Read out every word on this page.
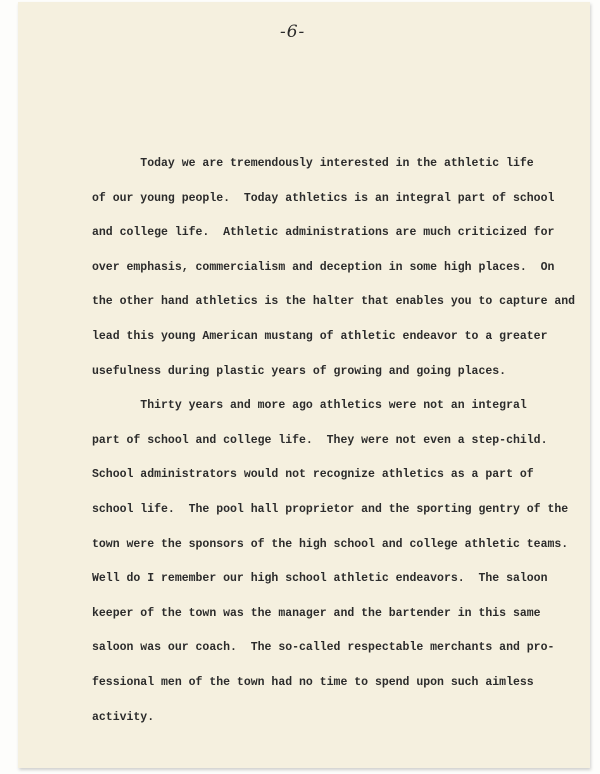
-6-
Today we are tremendously interested in the athletic life
of our young people.  Today athletics is an integral part of school
and college life.  Athletic administrations are much criticized for
over emphasis, commercialism and deception in some high places.  On
the other hand athletics is the halter that enables you to capture and
lead this young American mustang of athletic endeavor to a greater
usefulness during plastic years of growing and going places.
Thirty years and more ago athletics were not an integral
part of school and college life.  They were not even a step-child.
School administrators would not recognize athletics as a part of
school life.  The pool hall proprietor and the sporting gentry of the
town were the sponsors of the high school and college athletic teams.
Well do I remember our high school athletic endeavors.  The saloon
keeper of the town was the manager and the bartender in this same
saloon was our coach.  The so-called respectable merchants and pro-
fessional men of the town had no time to spend upon such aimless
activity.
